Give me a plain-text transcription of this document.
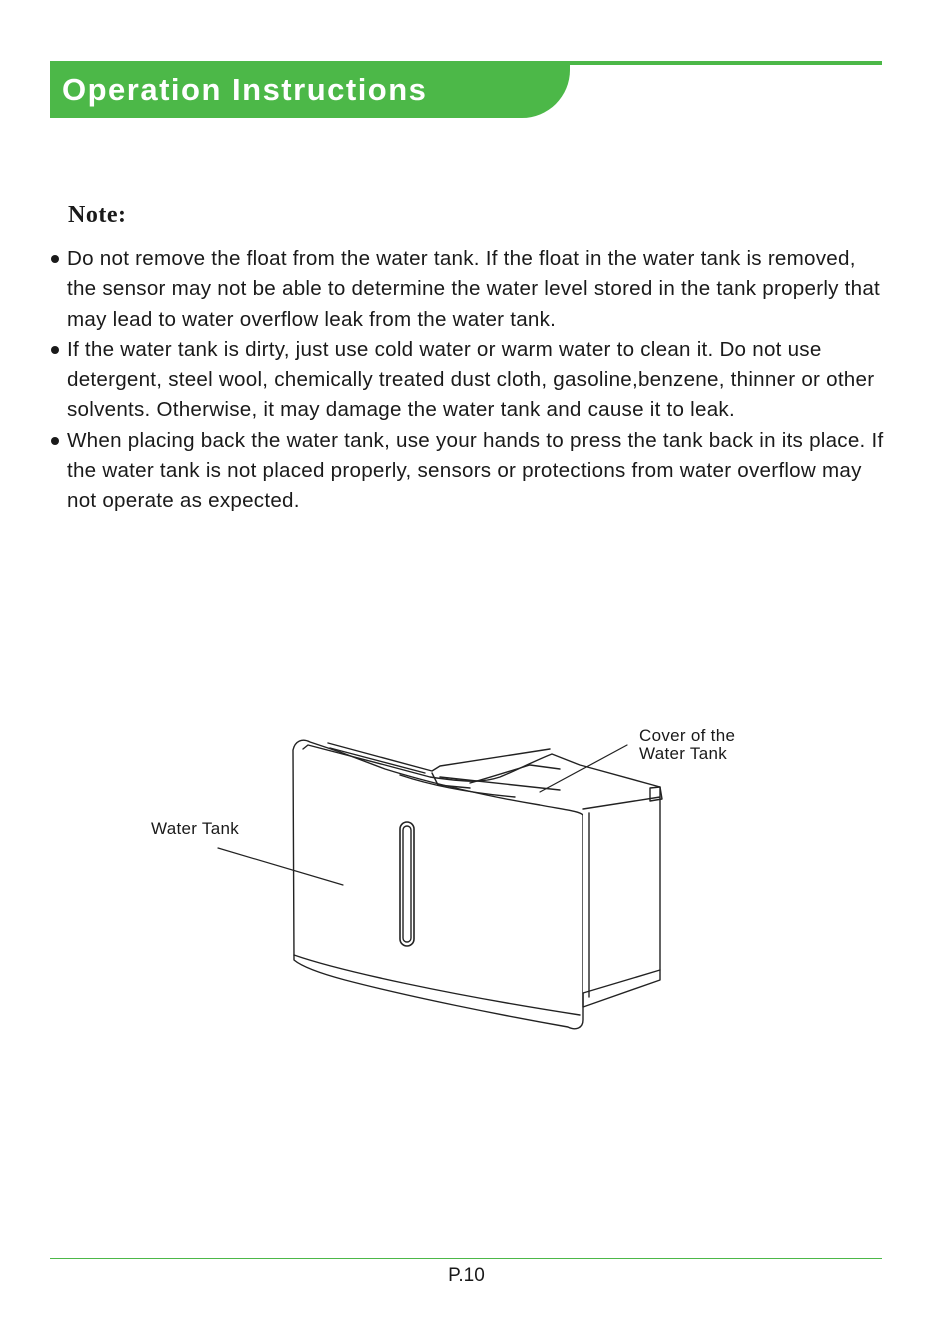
Operation Instructions
Note:
Do not remove the float from the water tank. If the float in the water tank is removed, the sensor may not be able to determine the water level stored in the tank properly that may lead to water overflow leak from the water tank.
If the water tank is dirty, just use cold water or warm water to clean it. Do not use detergent, steel wool, chemically treated dust cloth, gasoline,benzene, thinner or other solvents. Otherwise, it may damage the water tank and cause it to leak.
When placing back the water tank, use your hands to press the tank back in its place. If the water tank is not placed properly, sensors or protections from water overflow may not operate as expected.
Water Tank
Cover of the
Water Tank
P.10
